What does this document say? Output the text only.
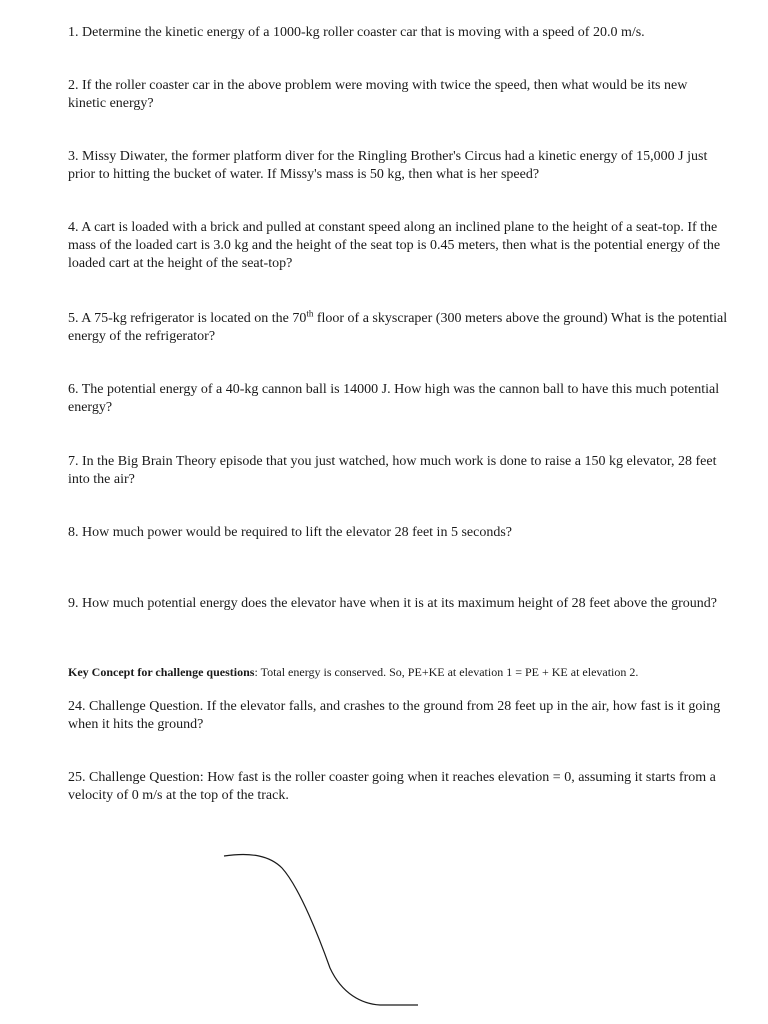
1. Determine the kinetic energy of a 1000-kg roller coaster car that is moving with a speed of 20.0 m/s.

2. If the roller coaster car in the above problem were moving with twice the speed, then what would be its new kinetic energy?

3. Missy Diwater, the former platform diver for the Ringling Brother's Circus had a kinetic energy of 15,000 J just prior to hitting the bucket of water. If Missy's mass is 50 kg, then what is her speed?

4. A cart is loaded with a brick and pulled at constant speed along an inclined plane to the height of a seat-top. If the mass of the loaded cart is 3.0 kg and the height of the seat top is 0.45 meters, then what is the potential energy of the loaded cart at the height of the seat-top?

5. A 75-kg refrigerator is located on the 70th floor of a skyscraper (300 meters above the ground) What is the potential energy of the refrigerator?

6. The potential energy of a 40-kg cannon ball is 14000 J. How high was the cannon ball to have this much potential energy?

7. In the Big Brain Theory episode that you just watched, how much work is done to raise a 150 kg elevator, 28 feet into the air?

8. How much power would be required to lift the elevator 28 feet in 5 seconds?

9. How much potential energy does the elevator have when it is at its maximum height of 28 feet above the ground?

Key Concept for challenge questions: Total energy is conserved. So, PE+KE at elevation 1 = PE + KE at elevation 2.

24. Challenge Question. If the elevator falls, and crashes to the ground from 28 feet up in the air, how fast is it going when it hits the ground?

25. Challenge Question: How fast is the roller coaster going when it reaches elevation = 0, assuming it starts from a velocity of 0 m/s at the top of the track.
